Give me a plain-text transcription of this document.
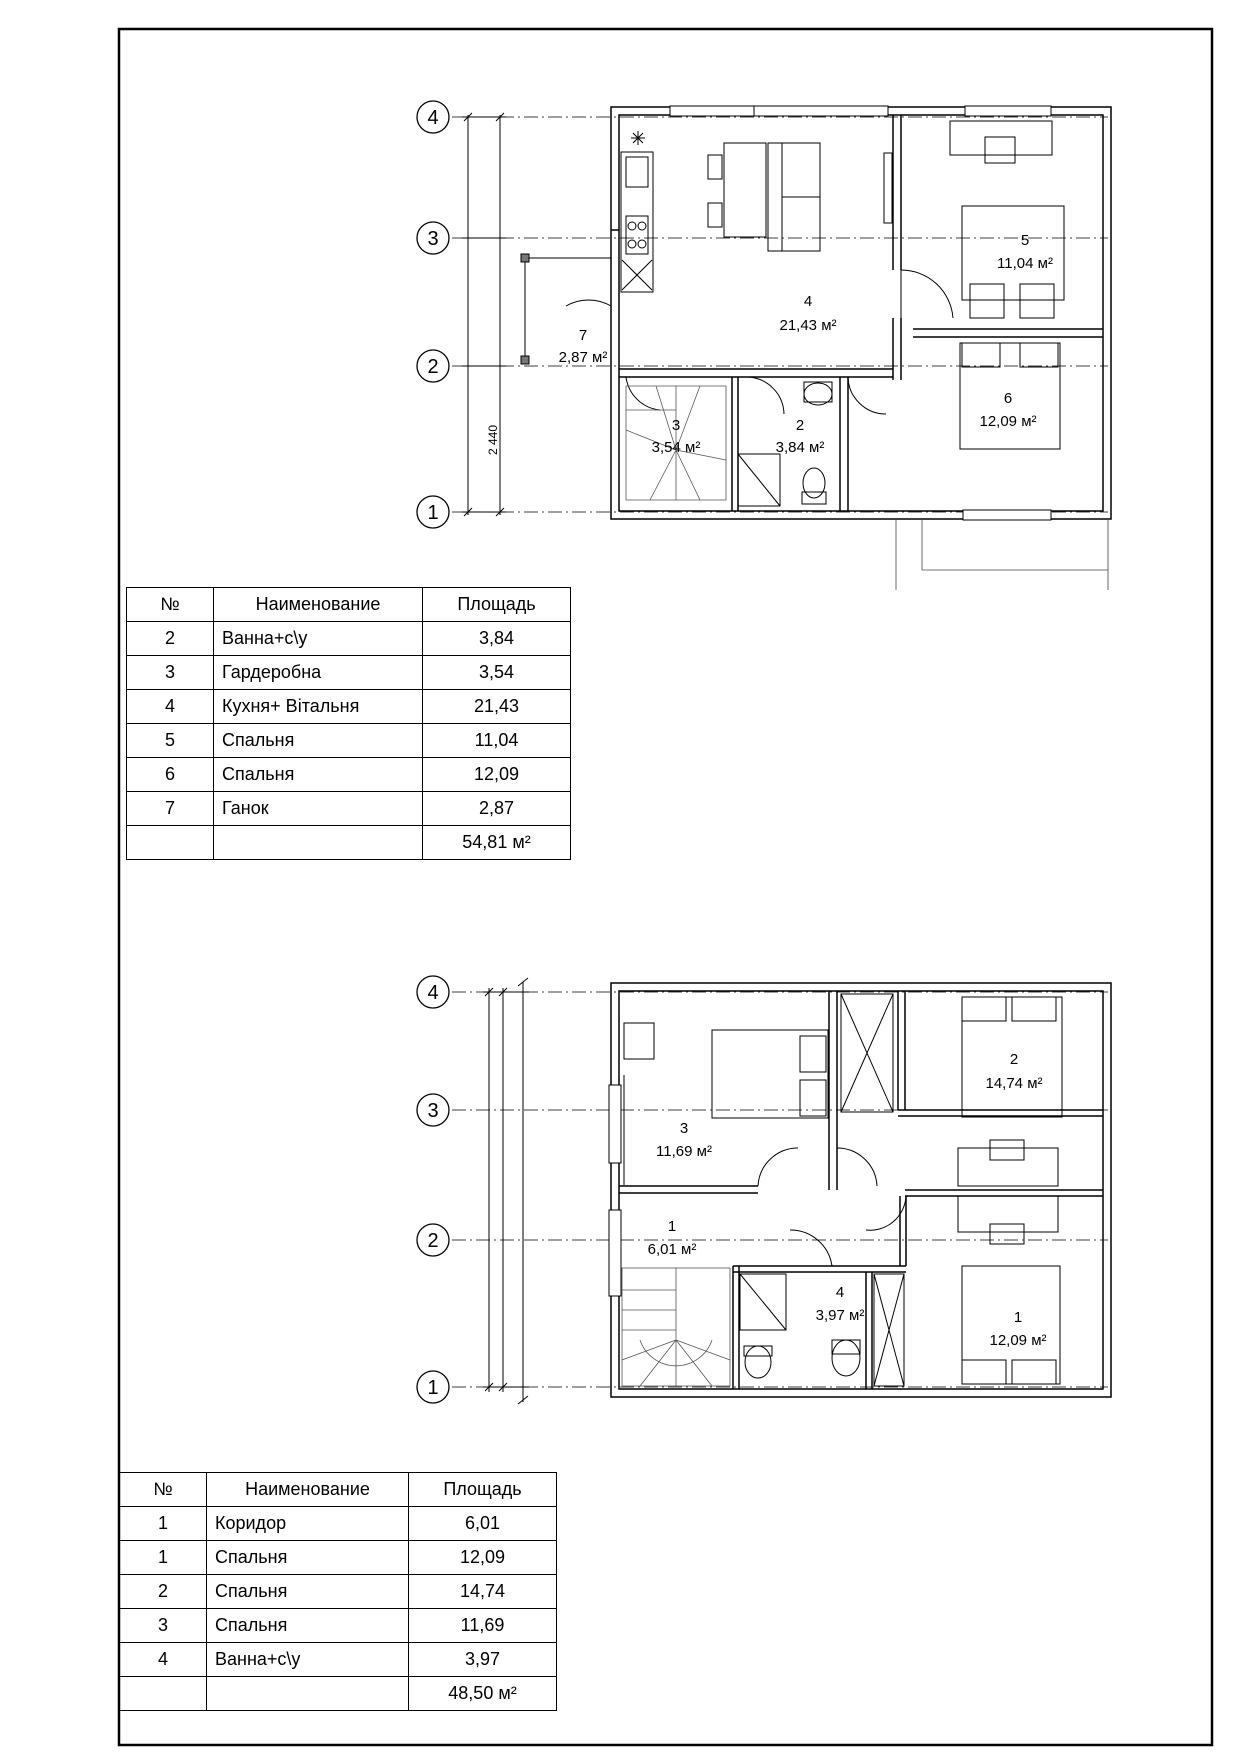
4
3
2
1
2 440
4
21,43 м²
5
11,04 м²
6
12,09 м²
7
2,87 м²
3
3,54 м²
2
3,84 м²
4
3
2
1
3
11,69 м²
2
14,74 м²
1
6,01 м²
4
3,97 м²	1
12,09 м²
№	Наименование	Площадь
2	Ванна+с\у	3,84
3	Гардеробна	3,54
4	Кухня+ Вітальня	21,43
5	Спальня	11,04
6	Спальня	12,09
7	Ганок	2,87
		54,81 м²
№	Наименование	Площадь
1	Коридор	6,01
1	Спальня	12,09
2	Спальня	14,74
3	Спальня	11,69
4	Ванна+с\у	3,97
		48,50 м²
